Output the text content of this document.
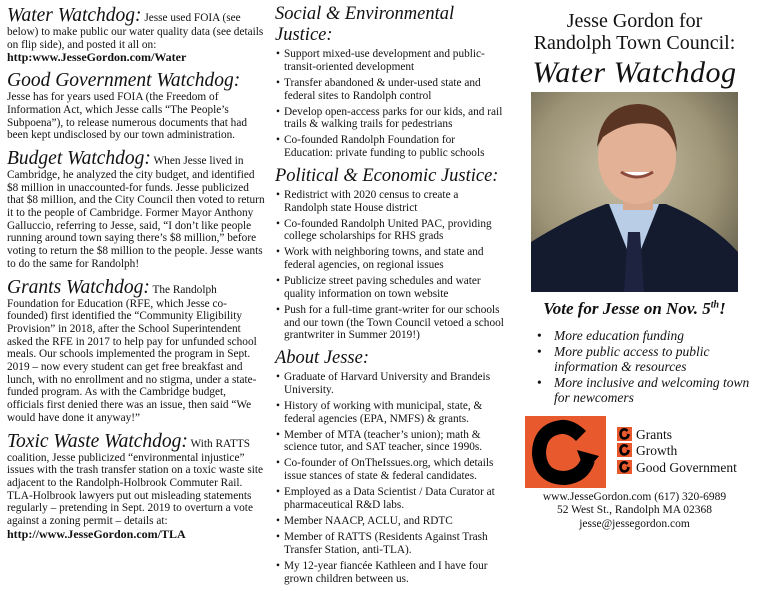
Water Watchdog: Jesse used FOIA (see below) to make public our water quality data (see details on flip side), and posted it all on:
http:www.JesseGordon.com/Water
Good Government Watchdog:
Jesse has for years used FOIA (the Freedom of Information Act, which Jesse calls “The People’s Subpoena”), to release numerous documents that had been kept undisclosed by our town administration.
Budget Watchdog: When Jesse lived in Cambridge, he analyzed the city budget, and identified $8 million in unaccounted-for funds. Jesse publicized that $8 million, and the City Council then voted to return it to the people of Cambridge. Former Mayor Anthony Galluccio, referring to Jesse, said, “I don’t like people running around town saying there’s $8 million,” before voting to return the $8 million to the people. Jesse wants to do the same for Randolph!
Grants Watchdog: The Randolph Foundation for Education (RFE, which Jesse co-founded) first identified the “Community Eligibility Provision” in 2018, after the School Superintendent asked the RFE in 2017 to help pay for unfunded school meals. Our schools implemented the program in Sept. 2019 – now every student can get free breakfast and lunch, with no enrollment and no stigma, under a state-funded program. As with the Cambridge budget, officials first denied there was an issue, then said “We would have done it anyway!”
Toxic Waste Watchdog: With RATTS coalition, Jesse publicized “environmental injustice” issues with the trash transfer station on a toxic waste site adjacent to the Randolph-Holbrook Commuter Rail. TLA-Holbrook lawyers put out misleading statements regularly – pretending in Sept. 2019 to overturn a vote against a zoning permit – details at:
http://www.JesseGordon.com/TLA
Social & Environmental Justice:
• Support mixed-use development and public-transit-oriented development
• Transfer abandoned & under-used state and federal sites to Randolph control
• Develop open-access parks for our kids, and rail trails & walking trails for pedestrians
• Co-founded Randolph Foundation for Education: private funding to public schools
Political & Economic Justice:
• Redistrict with 2020 census to create a Randolph state House district
• Co-founded Randolph United PAC, providing college scholarships for RHS grads
• Work with neighboring towns, and state and federal agencies, on regional issues
• Publicize street paving schedules and water quality information on town website
• Push for a full-time grant-writer for our schools and our town (the Town Council vetoed a school grantwriter in Summer 2019!)
About Jesse:
• Graduate of Harvard University and Brandeis University.
• History of working with municipal, state, & federal agencies (EPA, NMFS) & grants.
• Member of MTA (teacher’s union); math & science tutor, and SAT teacher, since 1990s.
• Co-founder of OnTheIssues.org, which details issue stances of state & federal candidates.
• Employed as a Data Scientist / Data Curator at pharmaceutical R&D labs.
• Member NAACP, ACLU, and RDTC
• Member of RATTS (Residents Against Trash Transfer Station, anti-TLA).
• My 12-year fiancée Kathleen and I have four grown children between us.
Jesse Gordon for
Randolph Town Council:
Water Watchdog
Vote for Jesse on Nov. 5th!
• More education funding
• More public access to public information & resources
• More inclusive and welcoming town for newcomers
Grants
Growth
Good Government
www.JesseGordon.com (617) 320-6989
52 West St., Randolph MA 02368
jesse@jessegordon.com
